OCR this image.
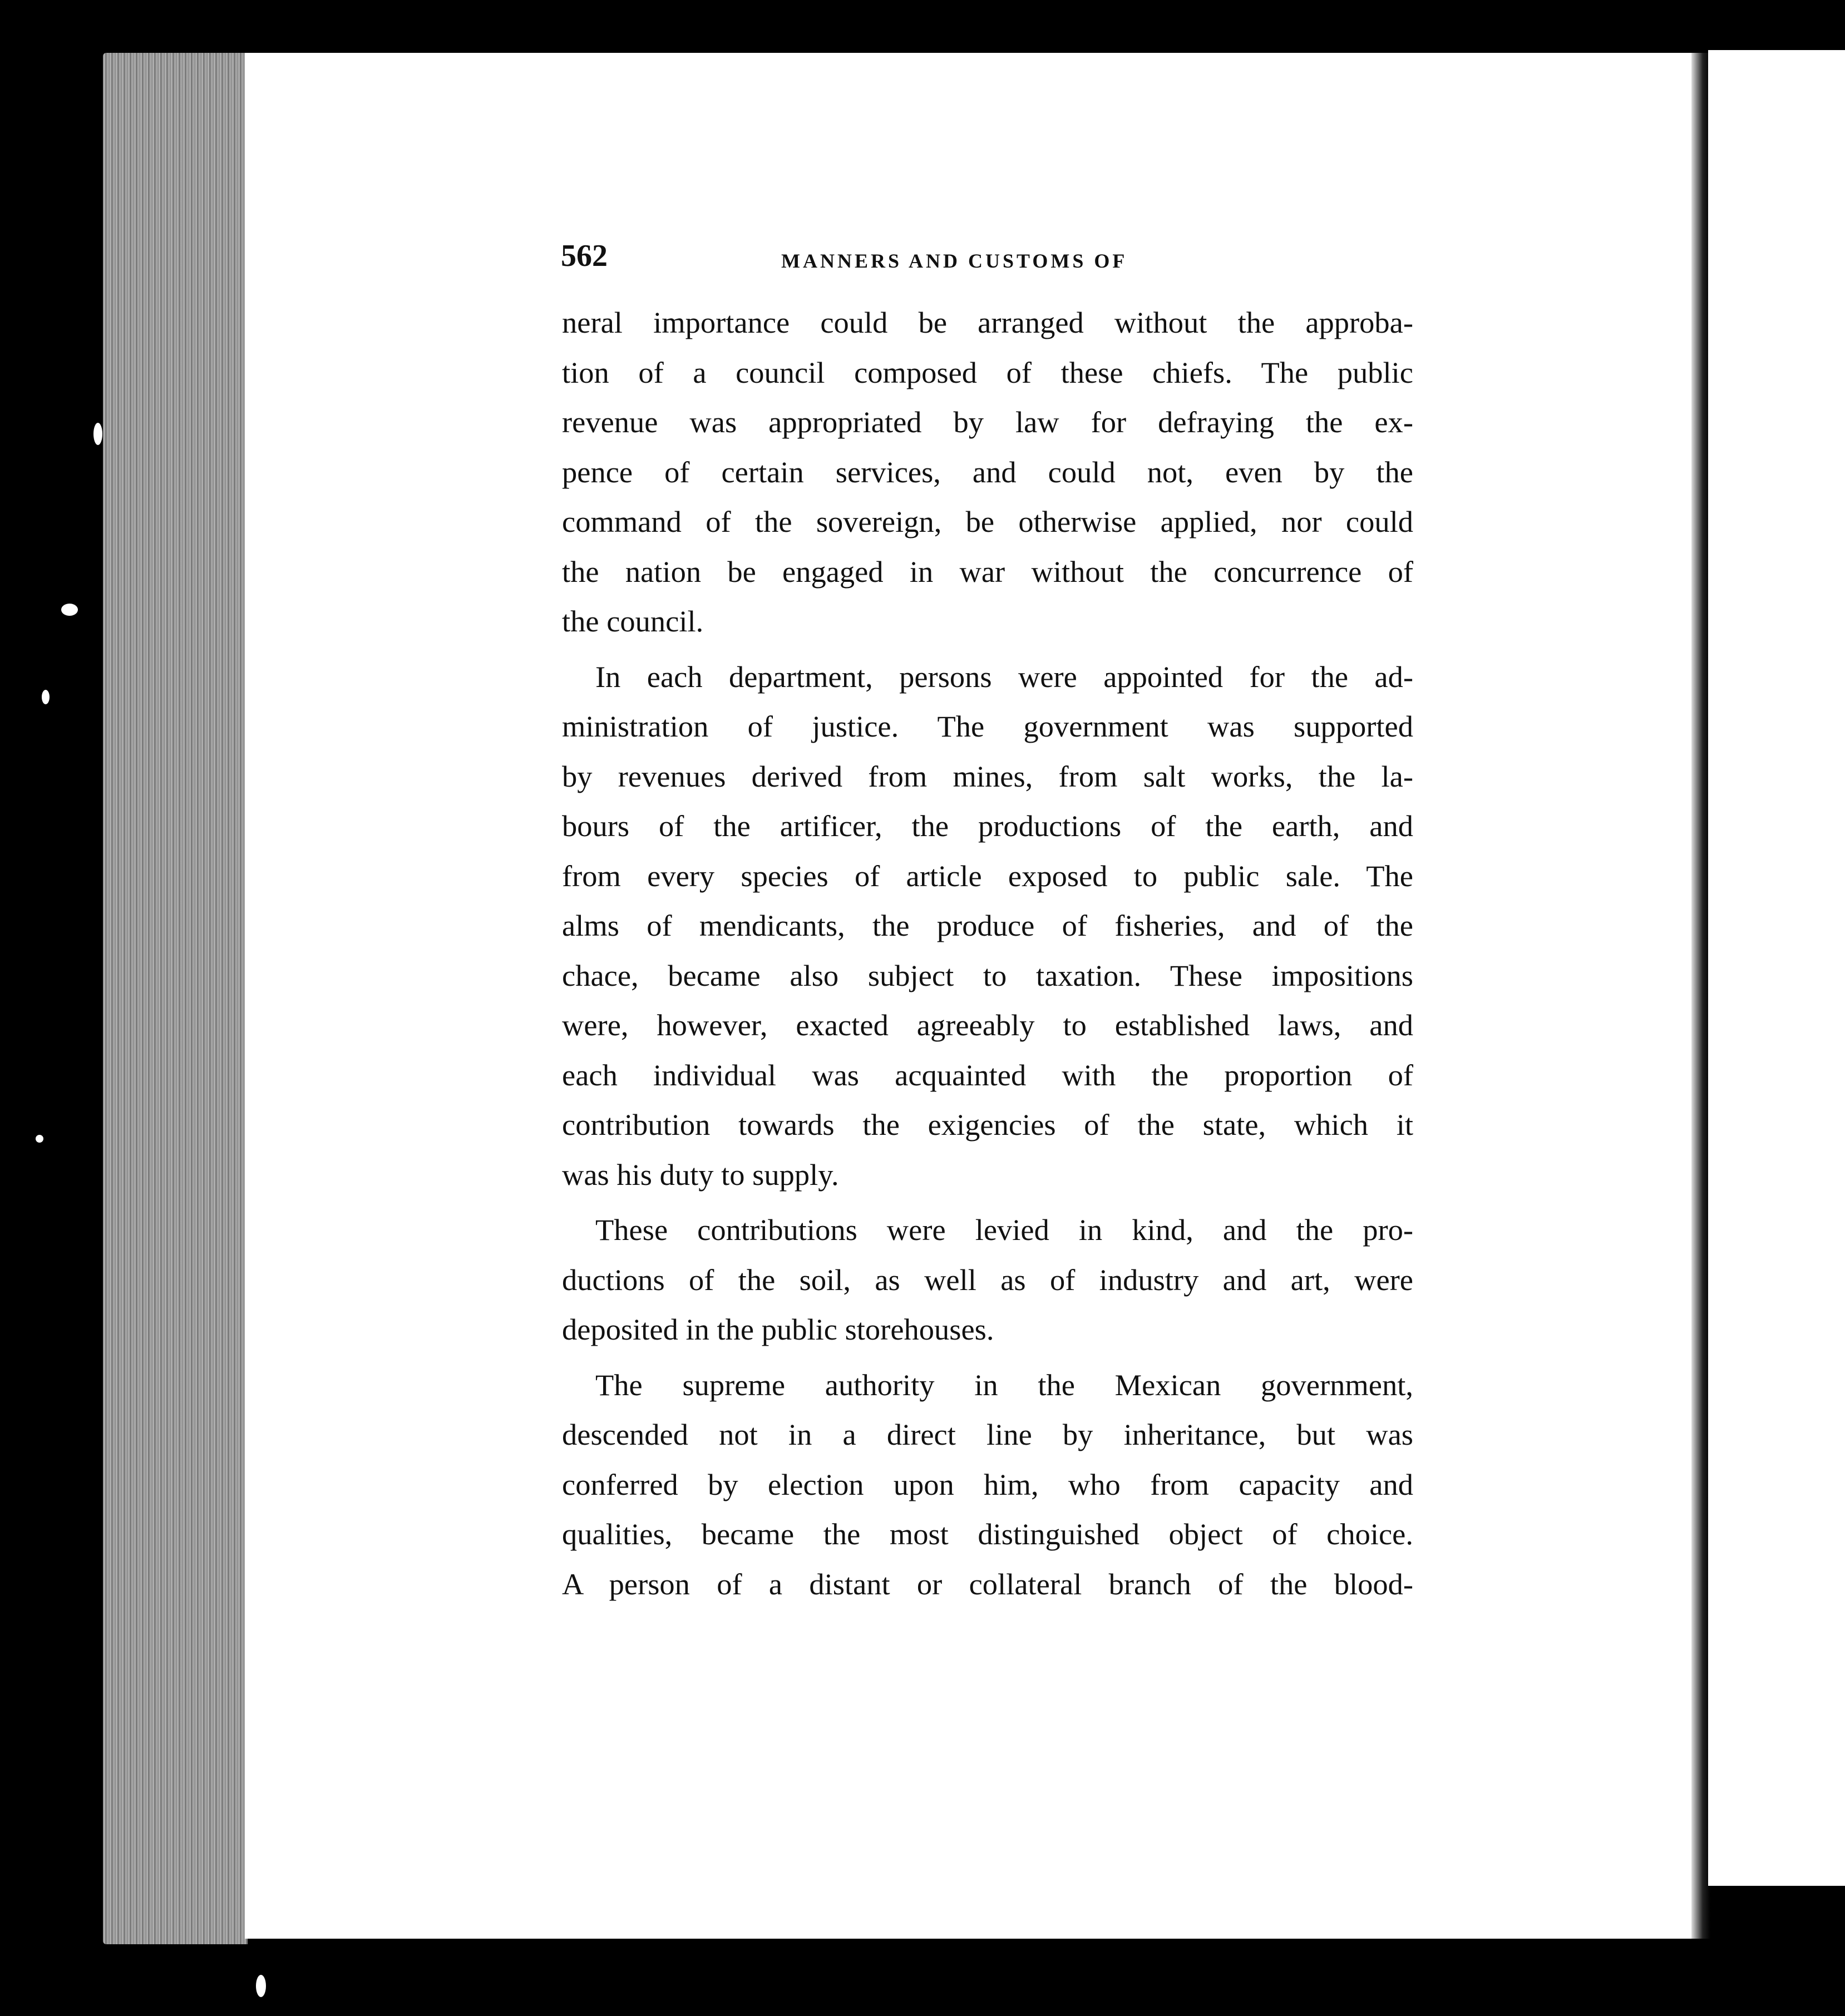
562	MANNERS AND CUSTOMS OF
neral importance could be arranged without the approba-
tion of a council composed of these chiefs. The public
revenue was appropriated by law for defraying the ex-
pence of certain services, and could not, even by the
command of the sovereign, be otherwise applied, nor could
the nation be engaged in war without the concurrence of
the council.
In each department, persons were appointed for the ad-
ministration of justice. The government was supported
by revenues derived from mines, from salt works, the la-
bours of the artificer, the productions of the earth, and
from every species of article exposed to public sale. The
alms of mendicants, the produce of fisheries, and of the
chace, became also subject to taxation. These impositions
were, however, exacted agreeably to established laws, and
each individual was acquainted with the proportion of
contribution towards the exigencies of the state, which it
was his duty to supply.
These contributions were levied in kind, and the pro-
ductions of the soil, as well as of industry and art, were
deposited in the public storehouses.
The supreme authority in the Mexican government,
descended not in a direct line by inheritance, but was
conferred by election upon him, who from capacity and
qualities, became the most distinguished object of choice.
A person of a distant or collateral branch of the blood-
